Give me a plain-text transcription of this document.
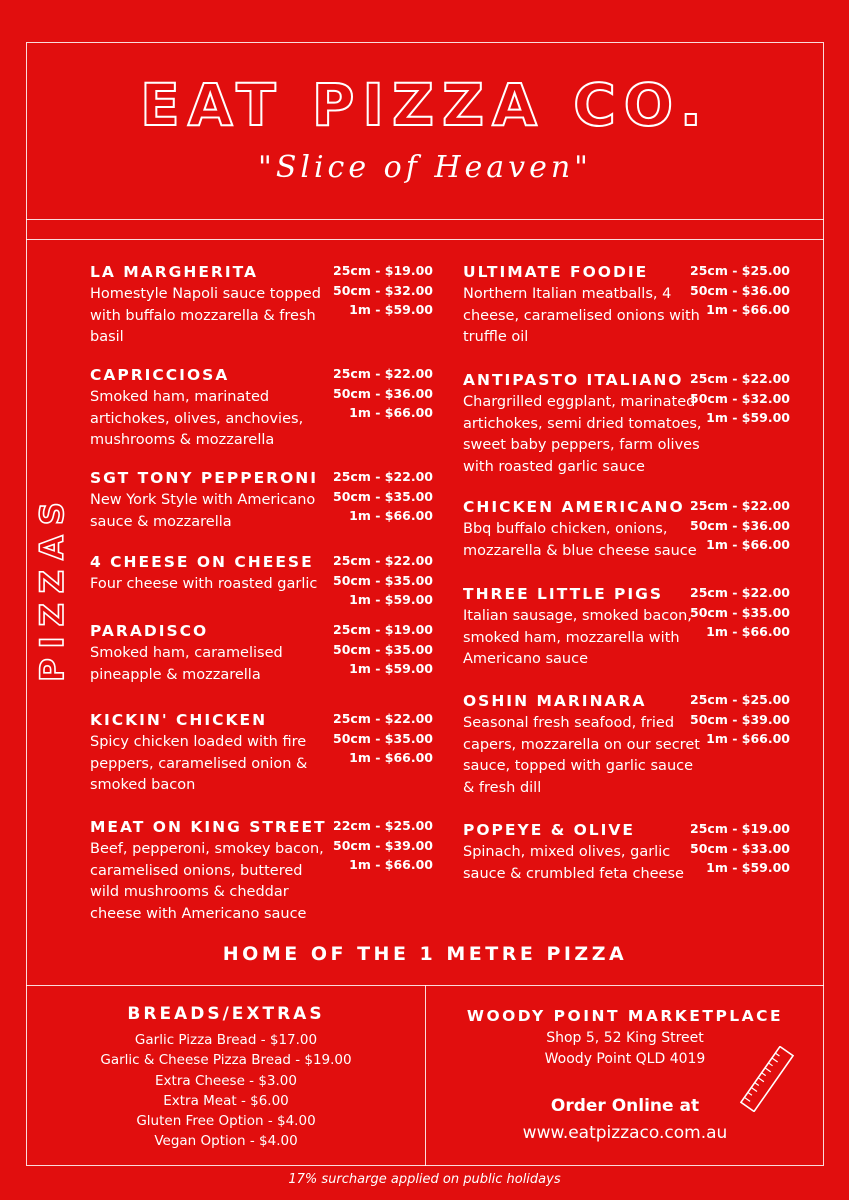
EAT PIZZA CO.
"Slice of Heaven"
PIZZAS
LA MARGHERITA
Homestyle Napoli sauce topped with buffalo mozzarella & fresh basil
25cm - $19.00
50cm - $32.00
1m - $59.00
CAPRICCIOSA
Smoked ham, marinated artichokes, olives, anchovies, mushrooms & mozzarella
25cm - $22.00
50cm - $36.00
1m - $66.00
SGT TONY PEPPERONI
New York Style with Americano sauce & mozzarella
25cm - $22.00
50cm - $35.00
1m - $66.00
4 CHEESE ON CHEESE
Four cheese with roasted garlic
25cm - $22.00
50cm - $35.00
1m - $59.00
PARADISCO
Smoked ham, caramelised pineapple & mozzarella
25cm - $19.00
50cm - $35.00
1m - $59.00
KICKIN' CHICKEN
Spicy chicken loaded with fire peppers, caramelised onion & smoked bacon
25cm - $22.00
50cm - $35.00
1m - $66.00
MEAT ON KING STREET
Beef, pepperoni, smokey bacon, caramelised onions, buttered wild mushrooms & cheddar cheese with Americano sauce
22cm - $25.00
50cm - $39.00
1m - $66.00
ULTIMATE FOODIE
Northern Italian meatballs, 4 cheese, caramelised onions with truffle oil
25cm - $25.00
50cm - $36.00
1m - $66.00
ANTIPASTO ITALIANO
Chargrilled eggplant, marinated artichokes, semi dried tomatoes, sweet baby peppers, farm olives with roasted garlic sauce
25cm - $22.00
50cm - $32.00
1m - $59.00
CHICKEN AMERICANO
Bbq buffalo chicken, onions, mozzarella & blue cheese sauce
25cm - $22.00
50cm - $36.00
1m - $66.00
THREE LITTLE PIGS
Italian sausage, smoked bacon, smoked ham, mozzarella with Americano sauce
25cm - $22.00
50cm - $35.00
1m - $66.00
OSHIN MARINARA
Seasonal fresh seafood, fried capers, mozzarella on our secret sauce, topped with garlic sauce & fresh dill
25cm - $25.00
50cm - $39.00
1m - $66.00
POPEYE & OLIVE
Spinach, mixed olives, garlic sauce & crumbled feta cheese
25cm - $19.00
50cm - $33.00
1m - $59.00
HOME OF THE 1 METRE PIZZA
BREADS/EXTRAS
Garlic Pizza Bread - $17.00
Garlic & Cheese Pizza Bread - $19.00
Extra Cheese - $3.00
Extra Meat - $6.00
Gluten Free Option - $4.00
Vegan Option - $4.00
WOODY POINT MARKETPLACE
Shop 5, 52 King Street
Woody Point QLD 4019
Order Online at
www.eatpizzaco.com.au
17% surcharge applied on public holidays
